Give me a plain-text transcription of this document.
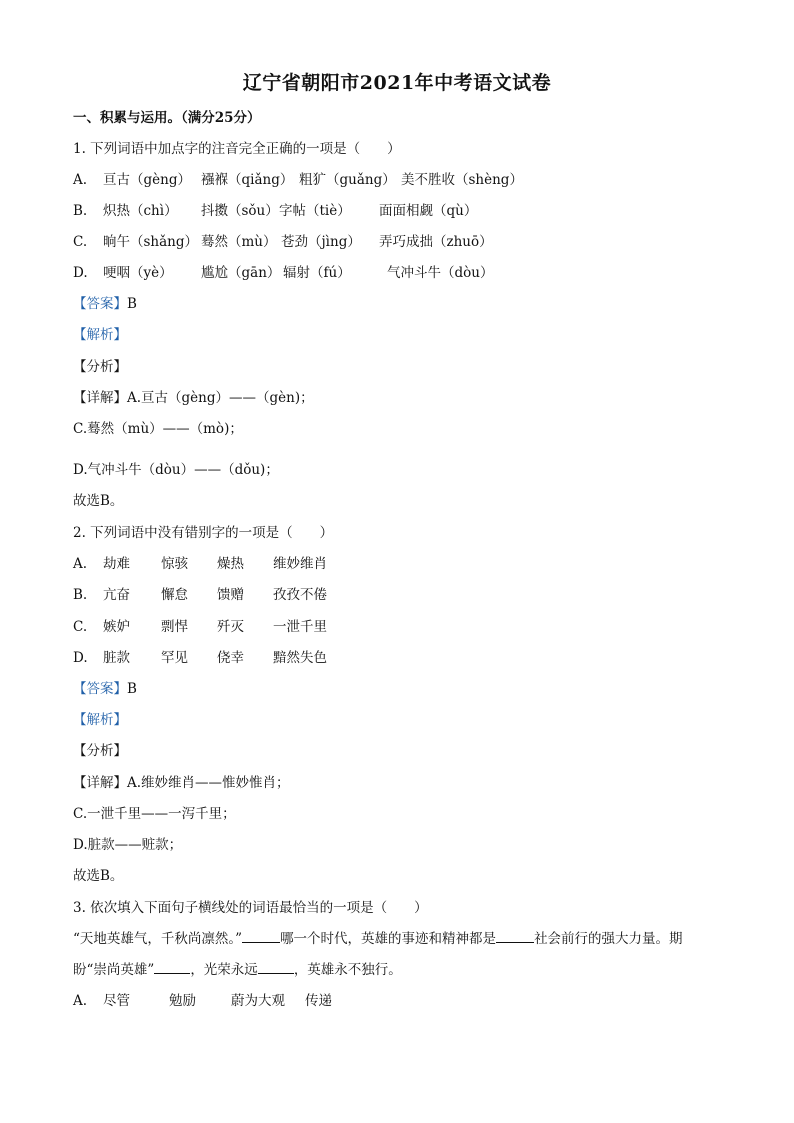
辽宁省朝阳市2021年中考语文试卷
一、积累与运用。（满分25分）
1. 下列词语中加点字的注音完全正确的一项是（　　）
A. 亘古（gèng） 襁褓（qiǎng） 粗犷（guǎng） 美不胜收（shèng）
B. 炽热（chì） 抖擞（sǒu）字帖（tiè） 面面相觑（qù）
C. 晌午（shǎng） 蓦然（mù） 苍劲（jìng） 弄巧成拙（zhuō）
D. 哽咽（yè） 尴尬（gān） 辐射（fú）	气冲斗牛（dòu）
【答案】B
【解析】
【分析】
【详解】A.亘古（gèng）——（gèn)；
C.蓦然（mù）——（mò)；
D.气冲斗牛（dòu）——（dǒu)；
故选B。
2. 下列词语中没有错别字的一项是（　　）
A. 劫难 惊骇 燥热 维妙维肖
B. 亢奋 懈怠 馈赠 孜孜不倦
C. 嫉妒 剽悍 歼灭 一泄千里
D. 脏款 罕见 侥幸 黯然失色
【答案】B
【解析】
【分析】
【详解】A.维妙维肖——惟妙惟肖；
C.一泄千里——一泻千里；
D.脏款——赃款；
故选B。
3. 依次填入下面句子横线处的词语最恰当的一项是（　　）
“天地英雄气，千秋尚凛然。”	哪一个时代，英雄的事迹和精神都是	社会前行的强大力量。期
盼“崇尚英雄”	，光荣永远	，英雄永不独行。
A. 尽管	勉励	蔚为大观 传递
